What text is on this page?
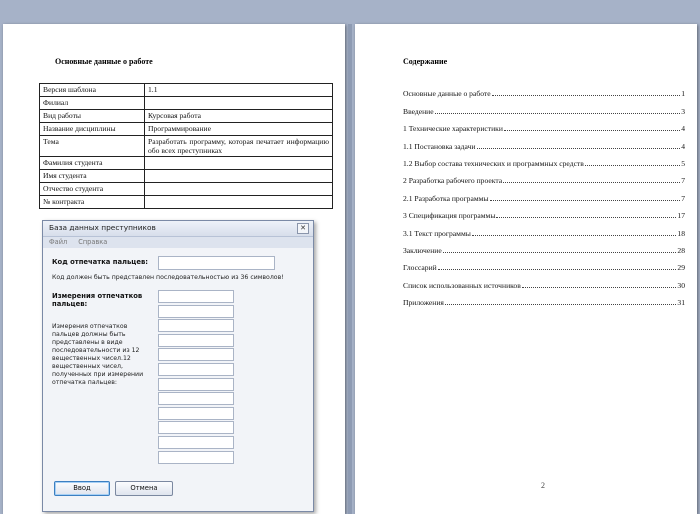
Основные данные о работе
Версия шаблона	1.1
Филиал	
Вид работы	Курсовая работа
Название дисциплины	Программирование
Тема	Разработать программу, которая печатает информацию обо всех преступниках
Фамилия студента	
Имя студента	
Отчество студента	
№ контракта	
Содержание
Основные данные о работе	1
Введение	3
1 Технические характеристики	4
1.1 Постановка задачи	4
1.2 Выбор состава технических и программных средств	5
2 Разработка рабочего проекта	7
2.1 Разработка программы	7
3 Спецификация программы	17
3.1 Текст программы	18
Заключение	28
Глоссарий	29
Список использованных источников	30
Приложения	31
2
База данных преступников	✕
Файл Справка
Код отпечатка пальцев:
Код должен быть представлен последовательностью из 36 символов!
Измерения отпечатков пальцев:
Измерения отпечатков пальцев должны быть представлены в виде последовательности из 12 вещественных чисел.12 вещественных чисел, полученных при измерении отпечатка пальцев:
Ввод	Отмена
